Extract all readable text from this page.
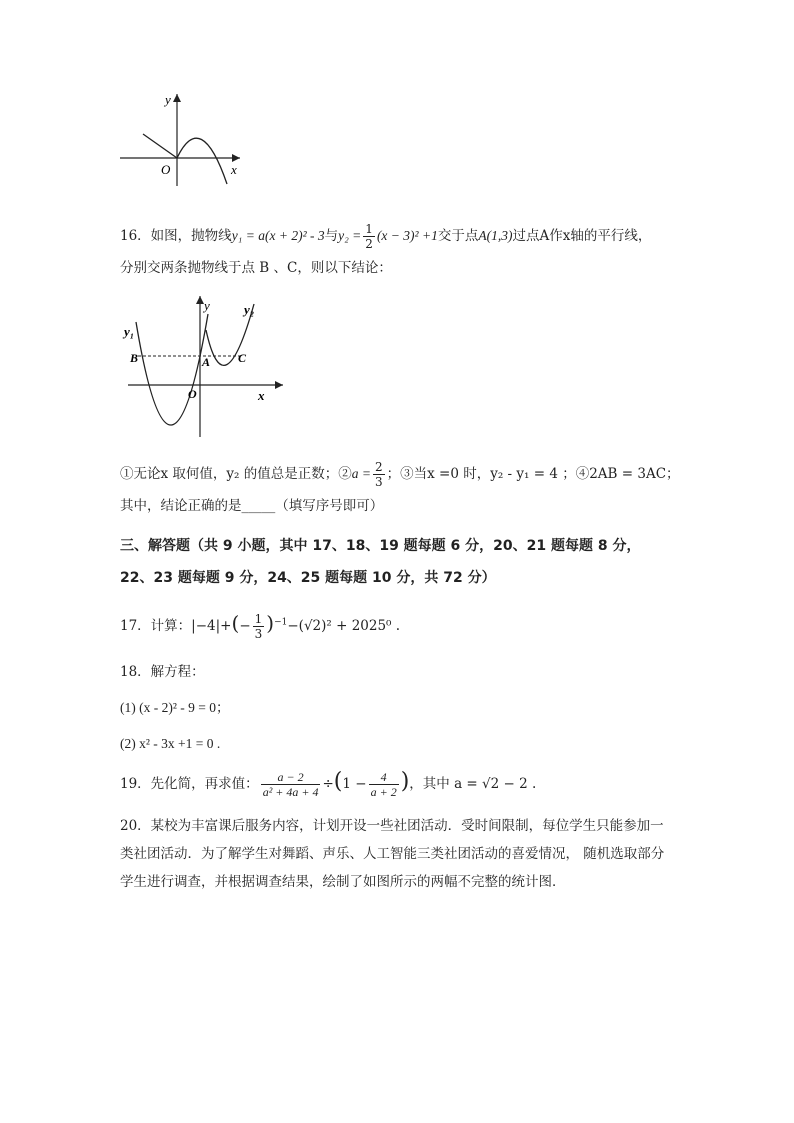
y
x
O
16．如图，抛物线y₁ = a(x + 2)² - 3与$y_2 = \frac{1}{2} (x - 3)^2 +1$交于点A(1,3)过点A作x轴的平行线，
分别交两条抛物线于点 B 、C，则以下结论：
y
y₁
y₂
B	A C
O	x
①无论x 取何值，y₂ 的值总是正数；②a = $\frac{2}{3}$ ；③当x =0 时，y₂ - y₁ = 4 ；④2AB = 3AC；
其中，结论正确的是_____（填写序号即可）
三、解答题（共 9 小题，其中 17、18、19 题每题 6 分，20、21 题每题 8 分，
22、23 题每题 9 分，24、25 题每题 10 分，共 72 分）
17．计算：$|-4|+(- \frac{1}{3} )^{-1}-(√2)^2 + 2025^0$ .
18．解方程：
(1) (x - 2)² - 9 = 0；
(2) x² - 3x +1 = 0 .
19．先化简，再求值： $\frac{a - 2}{\text{a² + 4a + 4}} \div(1 - \frac{4}{a + 2}$ )，其中 a = √2 − 2 .
20．某校为丰富课后服务内容，计划开设一些社团活动．受时间限制，每位学生只能参加一
类社团活动．为了解学生对舞蹈、声乐、人工智能三类社团活动的喜爱情况， 随机选取部分
学生进行调查，并根据调查结果，绘制了如图所示的两幅不完整的统计图．
